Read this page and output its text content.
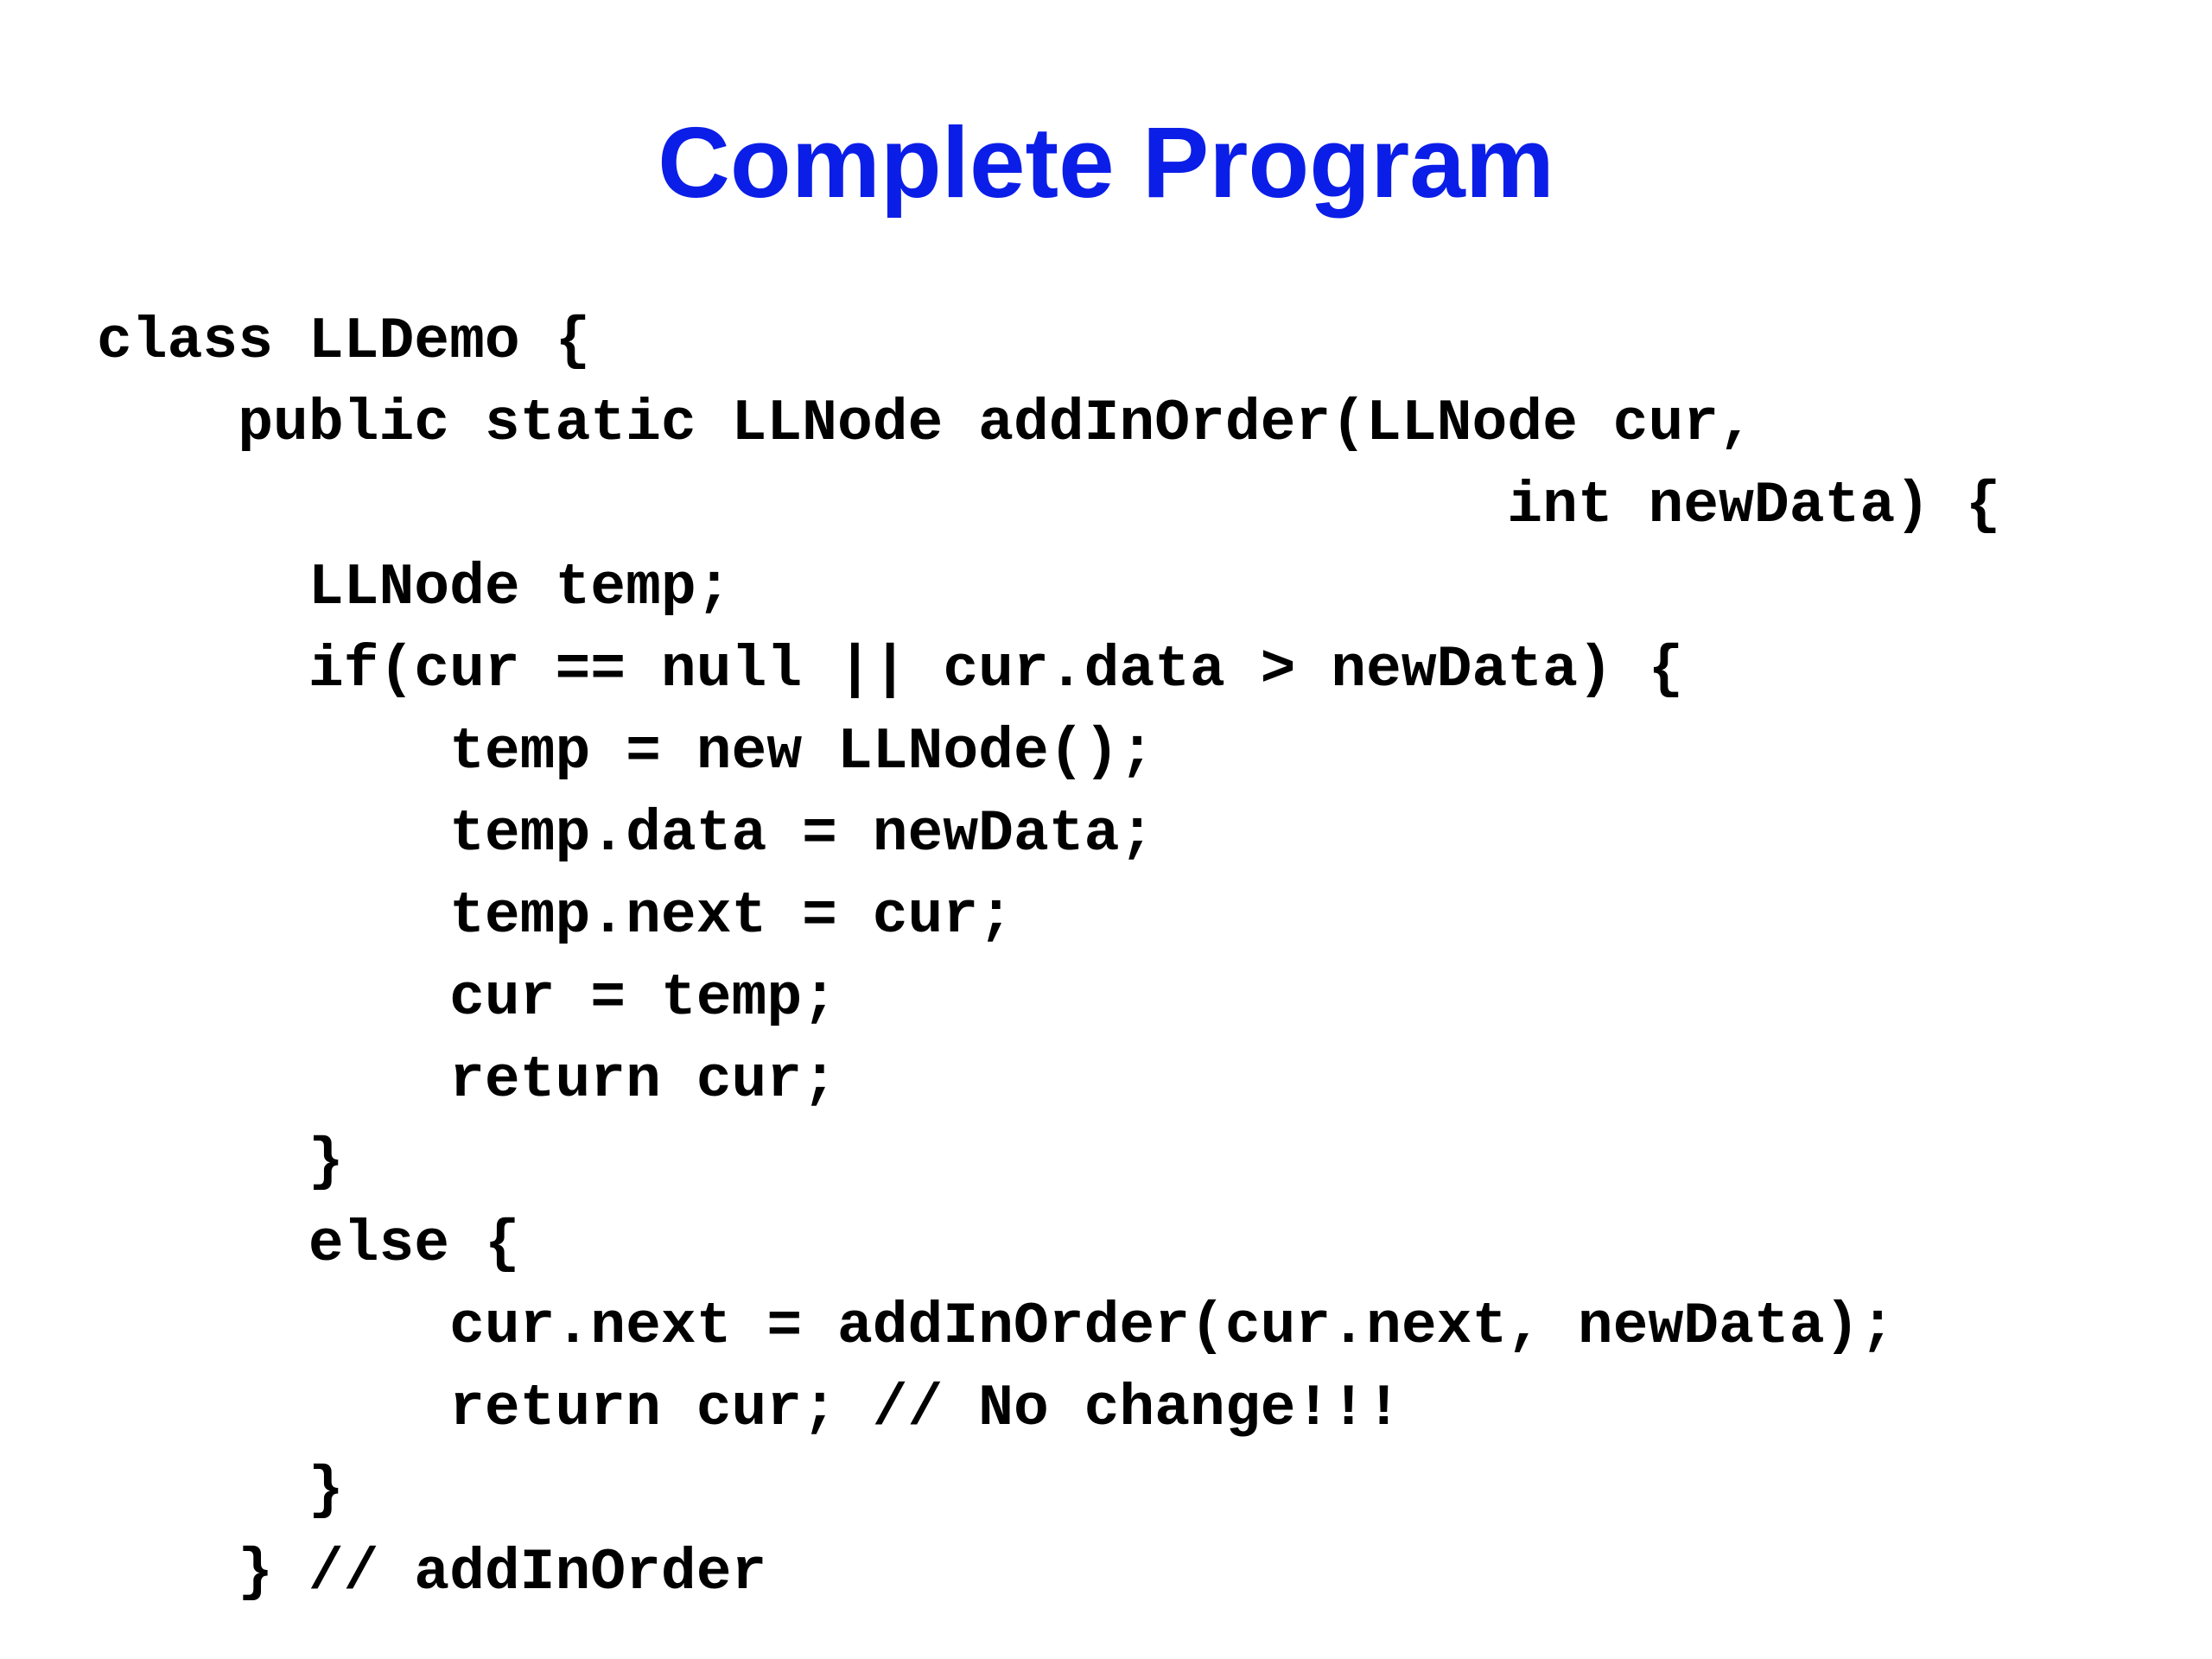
Complete Program
class LLDemo {
public static LLNode addInOrder(LLNode cur,
int newData) {
LLNode temp;
if(cur == null || cur.data > newData) {
temp = new LLNode();
temp.data = newData;
temp.next = cur;
cur = temp;
return cur;
}
else {
cur.next = addInOrder(cur.next, newData);
return cur; // No change!!!
}
} // addInOrder
